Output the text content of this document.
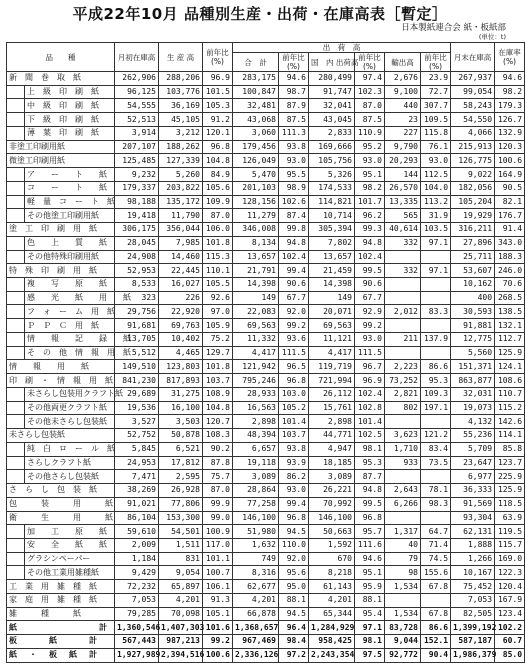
平成22年10月 品種別生産・出荷・在庫高表［暫定］
日本製紙連合会 紙・板紙部
(単位：t)
品　　種		月初在庫高	生 産 高	前年比
(%)	出　荷　高						月末在庫高	在庫率
(%)
					合　計	前年比
(%)	国　内 出荷高	前年比
(%)	輸出高	前年比
(%)		

新　聞　巻　取　紙		262,906	288,206	96.9	283,175	94.6	280,499	97.4	2,676	23.9	267,937	94.6
	上　級　印　刷　紙	96,125	103,776	101.5	100,847	98.7	91,747	102.3	9,100	72.7	99,054	98.2
	中　級　印　刷　紙	54,555	36,169	105.3	32,481	87.9	32,041	87.0	440	307.7	58,243	179.3
	下　級　印　刷　紙	52,513	45,105	91.2	43,068	87.5	43,045	87.5	23	109.5	54,550	126.7
	薄　葉　印　刷　紙	3,914	3,212	120.1	3,060	111.3	2,833	110.9	227	115.8	4,066	132.9
非塗工印刷用紙		207,107	188,262	96.8	179,456	93.8	169,666	95.2	9,790	76.1	215,913	120.3
微塗工印刷用紙		125,485	127,339	104.8	126,049	93.0	105,756	93.0	20,293	93.0	126,775	100.6
	ア　　ー　　ト　　紙	9,232	5,260	84.9	5,470	95.5	5,326	95.1	144	112.5	9,022	164.9
	コ　　ー　　ト　　紙	179,337	203,822	105.6	201,103	98.9	174,533	98.2	26,570	104.0	182,056	90.5
	軽　量　コ　ー　ト　紙	98,188	135,172	109.9	128,156	102.6	114,821	101.7	13,335	113.2	105,204	82.1
	その他塗工印刷用紙	19,418	11,790	87.0	11,279	87.4	10,714	96.2	565	31.9	19,929	176.7
塗　工　印　刷　用　紙		306,175	356,044	106.0	346,008	99.8	305,394	99.3	40,614	103.5	316,211	91.4
	色　　上　　質　　紙	28,045	7,985	101.8	8,134	94.8	7,802	94.8	332	97.1	27,896	343.0
	その他特殊印刷用紙	24,908	14,460	115.3	13,657	102.4	13,657	102.4			25,711	188.3
特　殊　印　刷　用　紙		52,953	22,445	110.1	21,791	99.4	21,459	99.5	332	97.1	53,607	246.0
	複　　写　　原　　紙	8,533	16,027	105.5	14,398	90.6	14,398	90.6			10,162	70.6
	感　　光　　紙　　用　　紙	323	226	92.6	149	67.7	149	67.7			400	268.5
	フ　ォ　ー　ム　用　紙	29,756	22,920	97.0	22,083	92.0	20,071	92.9	2,012	83.3	30,593	138.5
	Ｐ　Ｐ　Ｃ　用　紙	91,681	69,763	105.9	69,563	99.2	69,563	99.2			91,881	132.1
	情　　報　　記　　録　　紙	13,705	10,402	75.2	11,332	93.6	11,121	93.0	211	137.9	12,775	112.7
	そ　の　他　情　報　用　紙	5,512	4,465	129.7	4,417	111.5	4,417	111.5			5,560	125.9
情　　報　　用　　紙		149,510	123,803	101.8	121,942	96.5	119,719	96.7	2,223	86.6	151,371	124.1
印　刷　・　情　報　用　紙		841,230	817,893	103.7	795,246	96.8	721,994	96.9	73,252	95.3	863,877	108.6
	未さらし包装用クラフト紙	29,689	31,275	108.9	28,933	103.0	26,112	102.4	2,821	109.3	32,031	110.7
	その他両更クラフト紙	19,536	16,100	104.8	16,563	105.2	15,761	102.8	802	197.1	19,073	115.2
	その他未さらし包装紙	3,527	3,503	120.7	2,898	101.4	2,898	101.4			4,132	142.6
未さらし包装紙		52,752	50,878	108.3	48,394	103.7	44,771	102.5	3,623	121.2	55,236	114.1
	純　白　ロ　ー　ル　紙	5,845	6,521	90.2	6,657	93.8	4,947	98.1	1,710	83.4	5,709	85.8
	さらしクラフト紙	24,953	17,812	87.8	19,118	93.9	18,185	95.3	933	73.5	23,647	123.7
	その他さらし包装紙	7,471	2,595	75.7	3,089	86.2	3,089	87.7			6,977	225.9
さ　ら　し　包　装　紙		38,269	26,928	87.0	28,864	93.0	26,221	94.8	2,643	78.1	36,333	125.9
包　　　装　　　用　　　紙		91,021	77,806	99.9	77,258	99.4	70,992	99.5	6,266	98.3	91,569	118.5
衛　　　生　　　用　　　紙		86,104	153,300	99.0	146,100	96.8	146,100	96.8			93,304	63.9
	加　　工　　原　　紙	59,610	54,501	100.9	51,980	94.5	50,663	95.7	1,317	64.7	62,131	119.5
	安　　全　　紙　　紙	2,009	1,511	117.0	1,632	110.0	1,592	111.6	40	71.4	1,888	115.7
	グラシンペーパー	1,184	831	101.1	749	92.0	670	94.6	79	74.5	1,266	169.0
	その他工業用雑種紙	9,429	9,054	100.7	8,316	95.6	8,218	95.1	98	155.6	10,167	122.3
工　業　用　雑　種　紙		72,232	65,897	106.1	62,677	95.0	61,143	95.9	1,534	67.8	75,452	120.4
家　庭　用　雑　種　紙		7,053	4,201	91.3	4,201	88.1	4,201	88.1			7,053	167.9
雑　　　種　　　紙		79,285	70,098	105.1	66,878	94.5	65,344	95.4	1,534	67.8	82,505	123.4
紙　　　　　　　　計		1,360,546	1,407,303	101.6	1,368,657	96.4	1,284,929	97.1	83,728	86.6	1,399,192	102.2
板　　　紙　　　計		567,443	987,213	99.2	967,469	98.4	958,425	98.1	9,044	152.1	587,187	60.7
紙　・　板　紙　計		1,927,989	2,394,516	100.6	2,336,126	97.2	2,243,354	97.5	92,772	90.4	1,986,379	85.0
